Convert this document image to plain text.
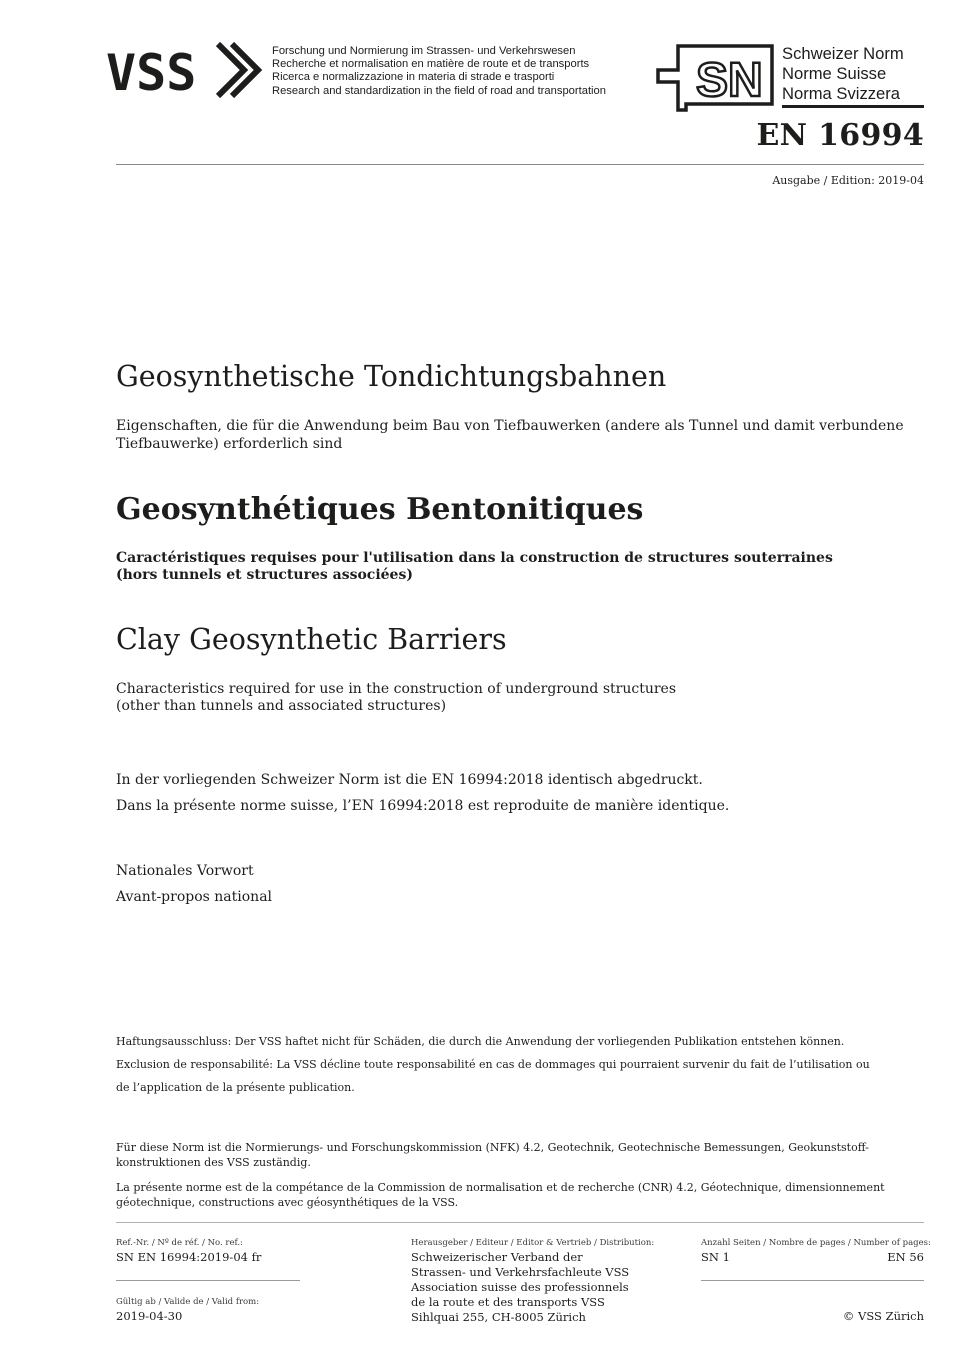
VSS	Forschung und Normierung im Strassen- und Verkehrswesen
Recherche et normalisation en matière de route et de transports
Ricerca e normalizzazione in materia di strade e trasporti
Research and standardization in the field of road and transportation SN
Schweizer Norm
Norme Suisse
Norma Svizzera
EN 16994
Ausgabe / Edition: 2019-04
Geosynthetische Tondichtungsbahnen
Eigenschaften, die für die Anwendung beim Bau von Tiefbauwerken (andere als Tunnel und damit verbundene Tiefbauwerke) erforderlich sind
Geosynthétiques Bentonitiques
Caractéristiques requises pour l'utilisation dans la construction de structures souterraines
(hors tunnels et structures associées)
Clay Geosynthetic Barriers
Characteristics required for use in the construction of underground structures
(other than tunnels and associated structures)
In der vorliegenden Schweizer Norm ist die EN 16994:2018 identisch abgedruckt.
Dans la présente norme suisse, l’EN 16994:2018 est reproduite de manière identique.
Nationales Vorwort
Avant-propos national
Haftungsausschluss: Der VSS haftet nicht für Schäden, die durch die Anwendung der vorliegenden Publikation entstehen können.
Exclusion de responsabilité: La VSS décline toute responsabilité en cas de dommages qui pourraient survenir du fait de l’utilisation ou
de l’application de la présente publication.
Für diese Norm ist die Normierungs- und Forschungskommission (NFK) 4.2, Geotechnik, Geotechnische Bemessungen, Geokunststoff-konstruktionen des VSS zuständig.
La présente norme est de la compétance de la Commission de normalisation et de recherche (CNR) 4.2, Géotechnique, dimensionnement géotechnique, constructions avec géosynthétiques de la VSS.
Ref.-Nr. / Nº de réf. / No. ref.:
SN EN 16994:2019-04 fr
Gültig ab / Valide de / Valid from:
2019-04-30
Herausgeber / Editeur / Editor & Vertrieb / Distribution:
Schweizerischer Verband der
Strassen- und Verkehrsfachleute VSS
Association suisse des professionnels
de la route et des transports VSS
Sihlquai 255, CH-8005 Zürich
Anzahl Seiten / Nombre de pages / Number of pages:
SN 1	EN 56
© VSS Zürich
